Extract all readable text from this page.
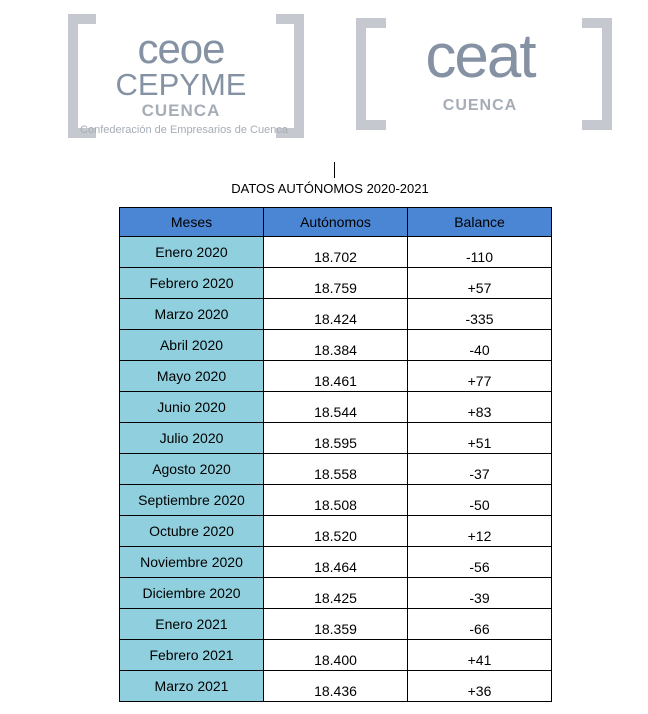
ceoe
CEPYME
CUENCA
Confederación de Empresarios de Cuenca
ceat
CUENCA
DATOS AUTÓNOMOS 2020-2021
Meses	Autónomos	Balance
Enero 2020	18.702	-110
Febrero 2020	18.759	+57
Marzo 2020	18.424	-335
Abril 2020	18.384	-40
Mayo 2020	18.461	+77
Junio 2020	18.544	+83
Julio 2020	18.595	+51
Agosto 2020	18.558	-37
Septiembre 2020	18.508	-50
Octubre 2020	18.520	+12
Noviembre 2020	18.464	-56
Diciembre 2020	18.425	-39
Enero 2021	18.359	-66
Febrero 2021	18.400	+41
Marzo 2021	18.436	+36
